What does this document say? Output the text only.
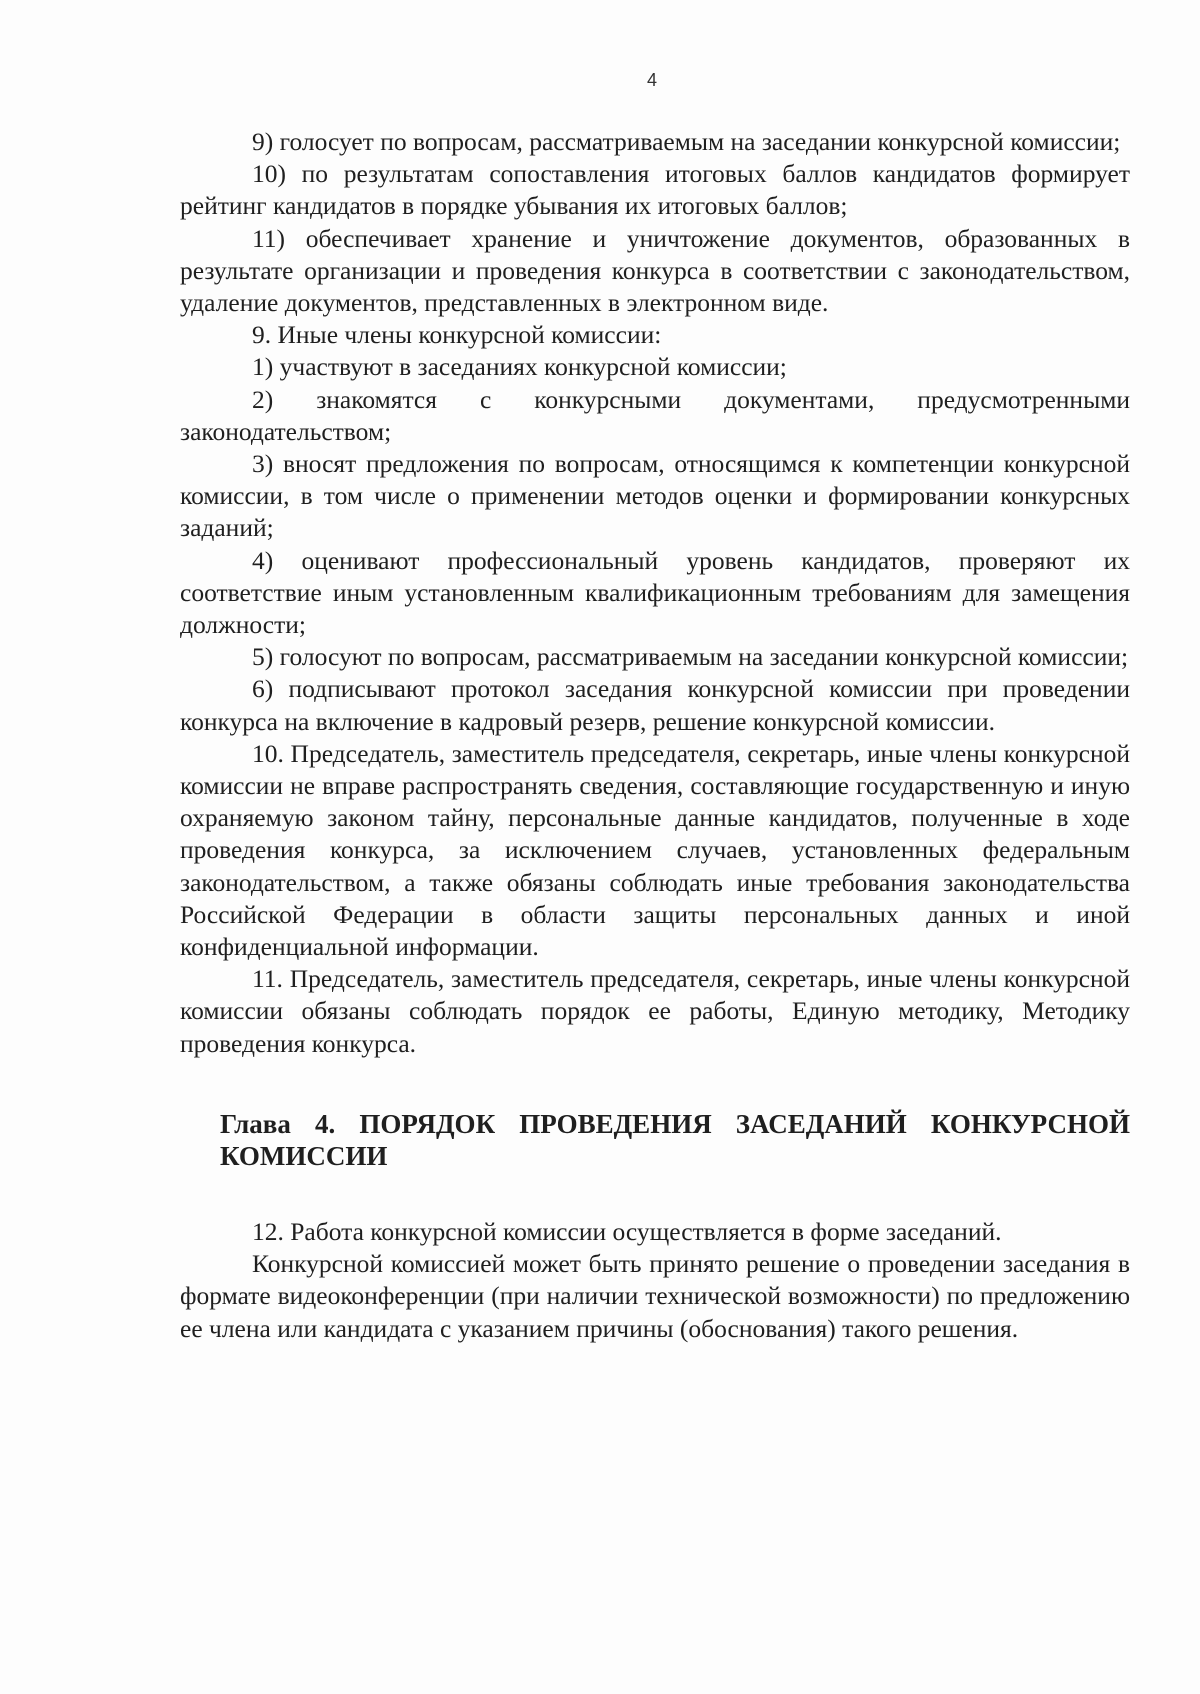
4

9) голосует по вопросам, рассматриваемым на заседании конкурсной комиссии;

10) по результатам сопоставления итоговых баллов кандидатов формирует рейтинг кандидатов в порядке убывания их итоговых баллов;

11) обеспечивает хранение и уничтожение документов, образованных в результате организации и проведения конкурса в соответствии с законодательством, удаление документов, представленных в электронном виде.

9. Иные члены конкурсной комиссии:

1) участвуют в заседаниях конкурсной комиссии;

2) знакомятся с конкурсными документами, предусмотренными законодательством;

3) вносят предложения по вопросам, относящимся к компетенции конкурсной комиссии, в том числе о применении методов оценки и формировании конкурсных заданий;

4) оценивают профессиональный уровень кандидатов, проверяют их соответствие иным установленным квалификационным требованиям для замещения должности;

5) голосуют по вопросам, рассматриваемым на заседании конкурсной комиссии;

6) подписывают протокол заседания конкурсной комиссии при проведении конкурса на включение в кадровый резерв, решение конкурсной комиссии.

10. Председатель, заместитель председателя, секретарь, иные члены конкурсной комиссии не вправе распространять сведения, составляющие государственную и иную охраняемую законом тайну, персональные данные кандидатов, полученные в ходе проведения конкурса, за исключением случаев, установленных федеральным законодательством, а также обязаны соблюдать иные требования законодательства Российской Федерации в области защиты персональных данных и иной конфиденциальной информации.

11. Председатель, заместитель председателя, секретарь, иные члены конкурсной комиссии обязаны соблюдать порядок ее работы, Единую методику, Методику проведения конкурса.

Глава 4. ПОРЯДОК ПРОВЕДЕНИЯ ЗАСЕДАНИЙ КОНКУРСНОЙ КОМИССИИ

12. Работа конкурсной комиссии осуществляется в форме заседаний.

Конкурсной комиссией может быть принято решение о проведении заседания в формате видеоконференции (при наличии технической возможности) по предложению ее члена или кандидата с указанием причины (обоснования) такого решения.
